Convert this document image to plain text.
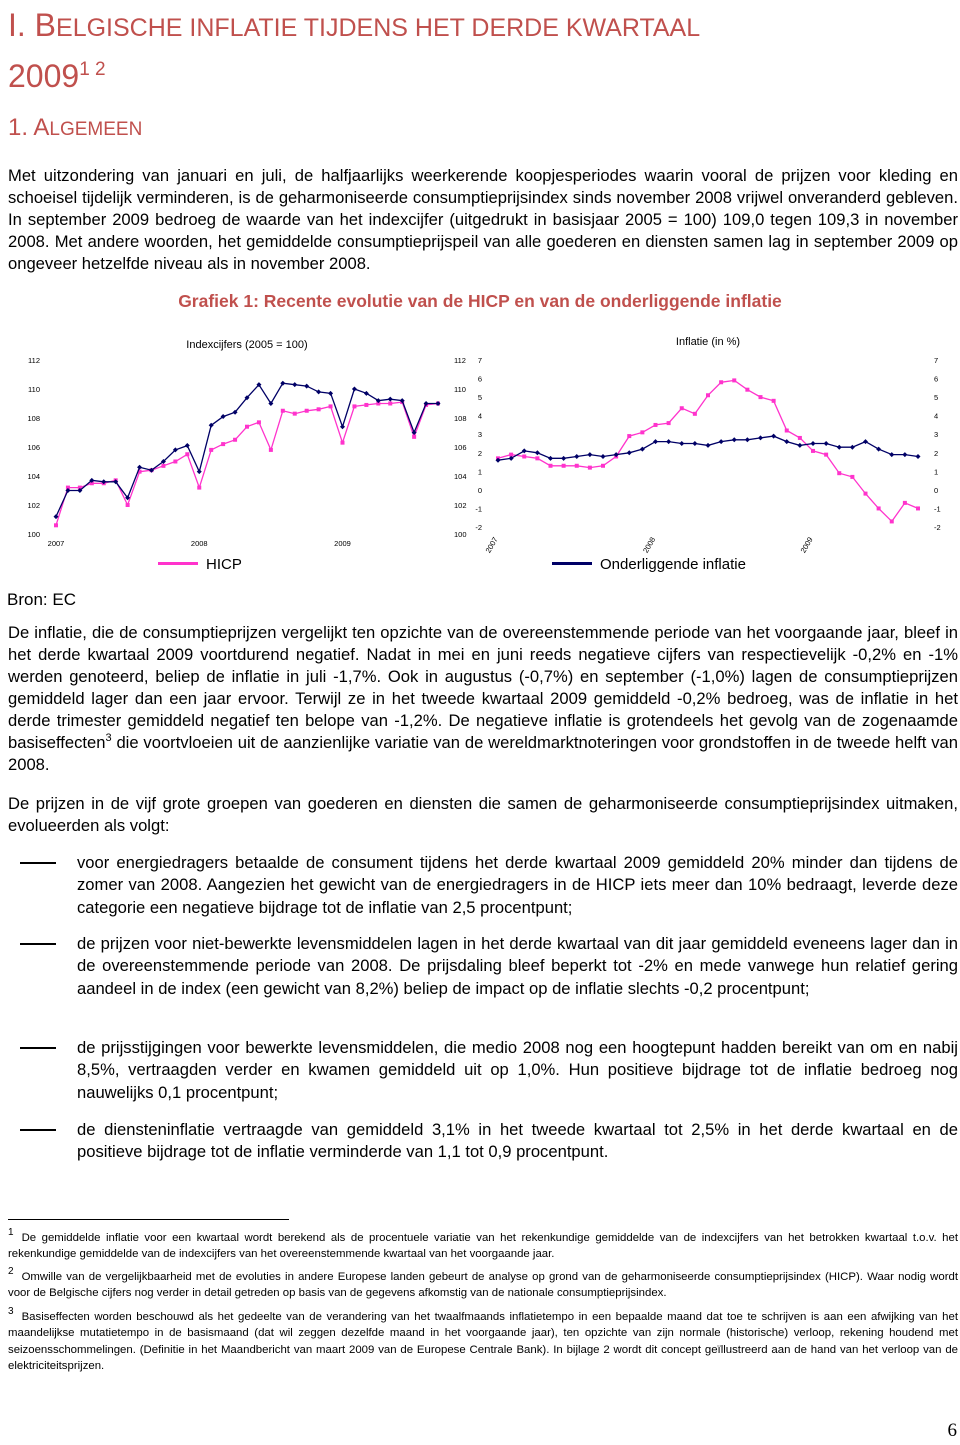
I. BELGISCHE INFLATIE TIJDENS HET DERDE KWARTAAL
$2009^{1 2}$
1. ALGEMEEN
Met uitzondering van januari en juli, de halfjaarlijks weerkerende koopjesperiodes waarin vooral de prijzen voor kleding en schoeisel tijdelijk verminderen, is de geharmoniseerde consumptieprijsindex sinds november 2008 vrijwel onveranderd gebleven. In september 2009 bedroeg de waarde van het indexcijfer (uitgedrukt in basisjaar 2005 = 100) 109,0 tegen 109,3 in november 2008. Met andere woorden, het gemiddelde consumptieprijspeil van alle goederen en diensten samen lag in september 2009 op ongeveer hetzelfde niveau als in november 2008.
Grafiek 1: Recente evolutie van de HICP en van de onderliggende inflatie
Indexcijfers (2005 = 100)
100
102
104
106
108
110
112
100
102
104
106
108
110
112
2007	2008	2009
Inflatie (in %)
-2
-1
0
1
2
3
4
5
6
7
-2
-1
0
1
2
3
4
5
6
7
2007	2008	2009
HICP	Onderliggende inflatie
Bron: EC
De inflatie, die de consumptieprijzen vergelijkt ten opzichte van de overeenstemmende periode van het voorgaande jaar, bleef in het derde kwartaal 2009 voortdurend negatief. Nadat in mei en juni reeds negatieve cijfers van respectievelijk -0,2% en -1% werden genoteerd, beliep de inflatie in juli -1,7%. Ook in augustus (-0,7%) en september (-1,0%) lagen de consumptieprijzen gemiddeld lager dan een jaar ervoor. Terwijl ze in het tweede kwartaal 2009 gemiddeld -0,2% bedroeg, was de inflatie in het derde trimester gemiddeld negatief ten belope van -1,2%. De negatieve inflatie is grotendeels het gevolg van de zogenaamde basiseffecten$^3$ die voortvloeien uit de aanzienlijke variatie van de wereldmarktnoteringen voor grondstoffen in de tweede helft van 2008.
De prijzen in de vijf grote groepen van goederen en diensten die samen de geharmoniseerde consumptieprijsindex uitmaken, evolueerden als volgt:
voor energiedragers betaalde de consument tijdens het derde kwartaal 2009 gemiddeld 20% minder dan tijdens de zomer van 2008. Aangezien het gewicht van de energiedragers in de HICP iets meer dan 10% bedraagt, leverde deze categorie een negatieve bijdrage tot de inflatie van 2,5 procentpunt;
de prijzen voor niet-bewerkte levensmiddelen lagen in het derde kwartaal van dit jaar gemiddeld eveneens lager dan in de overeenstemmende periode van 2008. De prijsdaling bleef beperkt tot -2% en mede vanwege hun relatief gering aandeel in de index (een gewicht van 8,2%) beliep de impact op de inflatie slechts -0,2 procentpunt;
de prijsstijgingen voor bewerkte levensmiddelen, die medio 2008 nog een hoogtepunt hadden bereikt van om en nabij 8,5%, vertraagden verder en kwamen gemiddeld uit op 1,0%. Hun positieve bijdrage tot de inflatie bedroeg nog nauwelijks 0,1 procentpunt;
de diensteninflatie vertraagde van gemiddeld 3,1% in het tweede kwartaal tot 2,5% in het derde kwartaal en de positieve bijdrage tot de inflatie verminderde van 1,1 tot 0,9 procentpunt.
1 De gemiddelde inflatie voor een kwartaal wordt berekend als de procentuele variatie van het rekenkundige gemiddelde van de indexcijfers van het betrokken kwartaal t.o.v. het rekenkundige gemiddelde van de indexcijfers van het overeenstemmende kwartaal van het voorgaande jaar.
2 Omwille van de vergelijkbaarheid met de evoluties in andere Europese landen gebeurt de analyse op grond van de geharmoniseerde consumptieprijsindex (HICP). Waar nodig wordt voor de Belgische cijfers nog verder in detail getreden op basis van de gegevens afkomstig van de nationale consumptieprijsindex.
3 Basiseffecten worden beschouwd als het gedeelte van de verandering van het twaalfmaands inflatietempo in een bepaalde maand dat toe te schrijven is aan een afwijking van het maandelijkse mutatietempo in de basismaand (dat wil zeggen dezelfde maand in het voorgaande jaar), ten opzichte van zijn normale (historische) verloop, rekening houdend met seizoensschommelingen. (Definitie in het Maandbericht van maart 2009 van de Europese Centrale Bank). In bijlage 2 wordt dit concept geïllustreerd aan de hand van het verloop van de elektriciteitsprijzen.
6
